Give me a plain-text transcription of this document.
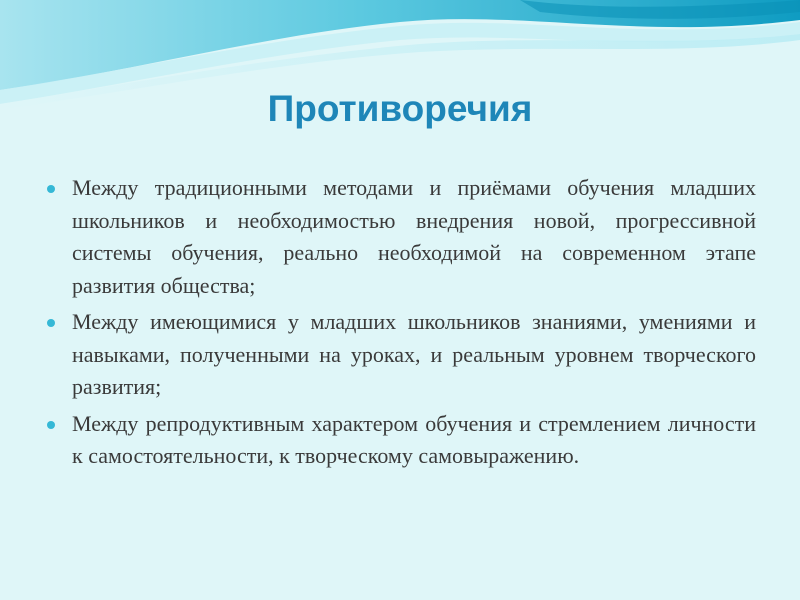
Противоречия
Между традиционными методами и приёмами обучения младших школьников и необходимостью внедрения новой, прогрессивной системы обучения, реально необходимой на современном этапе развития общества;
Между имеющимися у младших школьников знаниями, умениями и навыками, полученными на уроках, и реальным уровнем творческого развития;
Между репродуктивным характером обучения и стремлением личности к самостоятельности, к творческому самовыражению.
